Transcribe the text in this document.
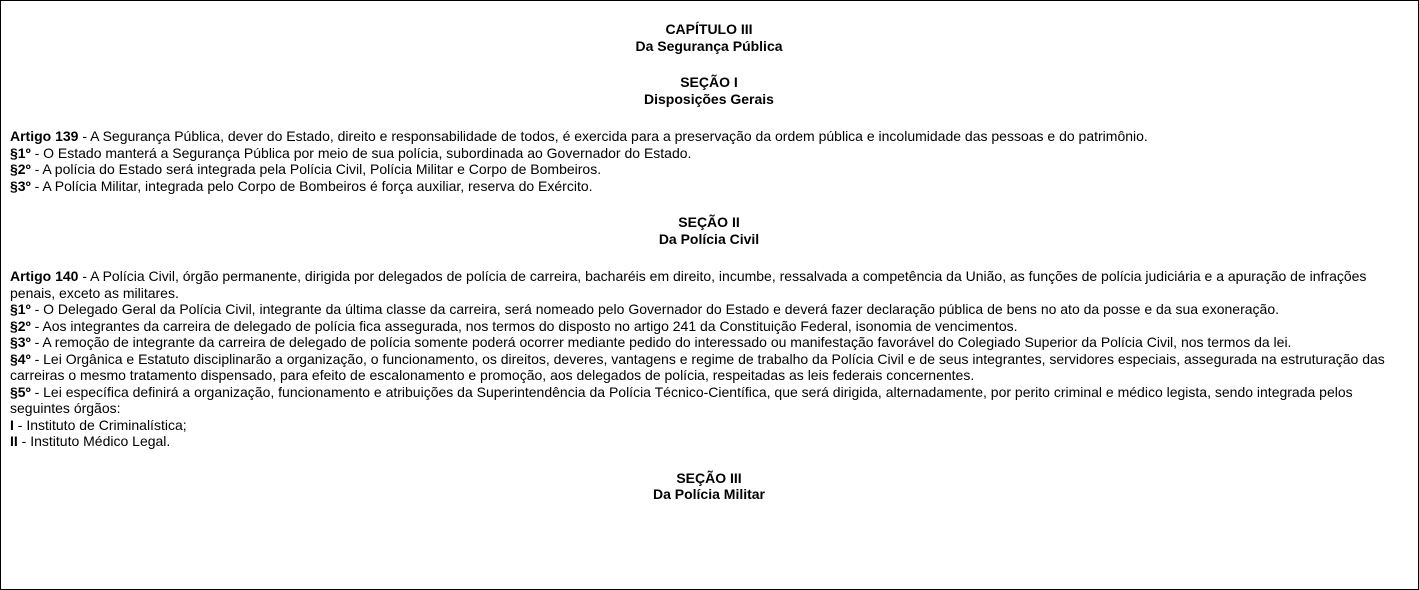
CAPÍTULO III
Da Segurança Pública
SEÇÃO I
Disposições Gerais
Artigo 139 - A Segurança Pública, dever do Estado, direito e responsabilidade de todos, é exercida para a preservação da ordem pública e incolumidade das pessoas e do patrimônio.
§1º - O Estado manterá a Segurança Pública por meio de sua polícia, subordinada ao Governador do Estado.
§2º - A polícia do Estado será integrada pela Polícia Civil, Polícia Militar e Corpo de Bombeiros.
§3º - A Polícia Militar, integrada pelo Corpo de Bombeiros é força auxiliar, reserva do Exército.
SEÇÃO II
Da Polícia Civil
Artigo 140 - A Polícia Civil, órgão permanente, dirigida por delegados de polícia de carreira, bacharéis em direito, incumbe, ressalvada a competência da União, as funções de polícia judiciária e a apuração de infrações penais, exceto as militares.
§1º - O Delegado Geral da Polícia Civil, integrante da última classe da carreira, será nomeado pelo Governador do Estado e deverá fazer declaração pública de bens no ato da posse e da sua exoneração.
§2º - Aos integrantes da carreira de delegado de polícia fica assegurada, nos termos do disposto no artigo 241 da Constituição Federal, isonomia de vencimentos.
§3º - A remoção de integrante da carreira de delegado de polícia somente poderá ocorrer mediante pedido do interessado ou manifestação favorável do Colegiado Superior da Polícia Civil, nos termos da lei.
§4º - Lei Orgânica e Estatuto disciplinarão a organização, o funcionamento, os direitos, deveres, vantagens e regime de trabalho da Polícia Civil e de seus integrantes, servidores especiais, assegurada na estruturação das carreiras o mesmo tratamento dispensado, para efeito de escalonamento e promoção, aos delegados de polícia, respeitadas as leis federais concernentes.
§5º - Lei específica definirá a organização, funcionamento e atribuições da Superintendência da Polícia Técnico-Científica, que será dirigida, alternadamente, por perito criminal e médico legista, sendo integrada pelos seguintes órgãos:
I - Instituto de Criminalística;
II - Instituto Médico Legal.
SEÇÃO III
Da Polícia Militar
